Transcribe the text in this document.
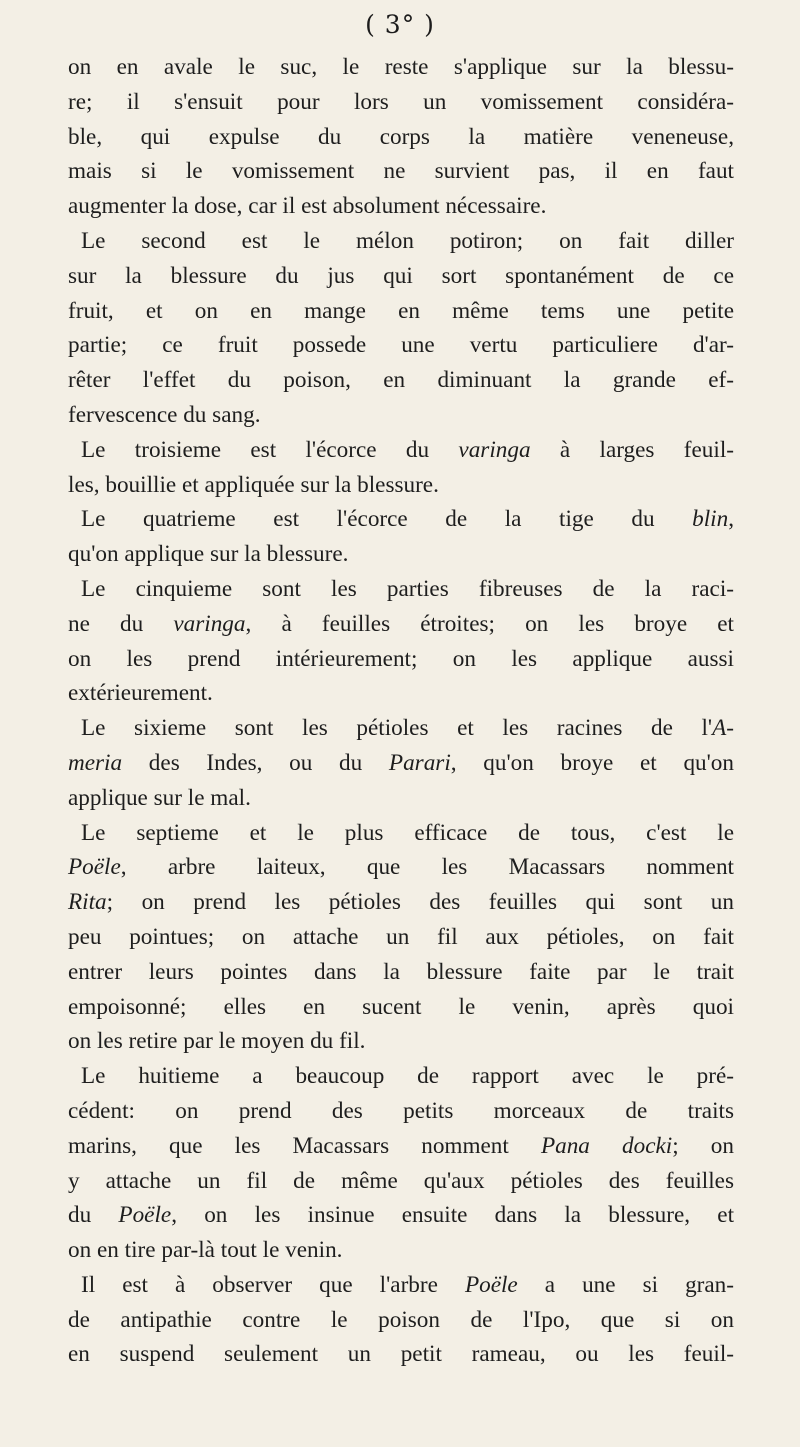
( 3° )

on en avale le suc, le reste s'applique sur la blessu-

re; il s'ensuit pour lors un vomissement considéra-

ble, qui expulse du corps la matière veneneuse,

mais si le vomissement ne survient pas, il en faut

augmenter la dose, car il est absolument nécessaire.

Le second est le mélon potiron; on fait diller

sur la blessure du jus qui sort spontanément de ce

fruit, et on en mange en même tems une petite

partie; ce fruit possede une vertu particuliere d'ar-

rêter l'effet du poison, en diminuant la grande ef-

fervescence du sang.

Le troisieme est l'écorce du varinga à larges feuil-

les, bouillie et appliquée sur la blessure.

Le quatrieme est l'écorce de la tige du blin,

qu'on applique sur la blessure.

Le cinquieme sont les parties fibreuses de la raci-

ne du varinga, à feuilles étroites; on les broye et

on les prend intérieurement; on les applique aussi

extérieurement.

Le sixieme sont les pétioles et les racines de l'A-

meria des Indes, ou du Parari, qu'on broye et qu'on

applique sur le mal.

Le septieme et le plus efficace de tous, c'est le

Poële, arbre laiteux, que les Macassars nomment

Rita; on prend les pétioles des feuilles qui sont un

peu pointues; on attache un fil aux pétioles, on fait

entrer leurs pointes dans la blessure faite par le trait

empoisonné; elles en sucent le venin, après quoi

on les retire par le moyen du fil.

Le huitieme a beaucoup de rapport avec le pré-

cédent: on prend des petits morceaux de traits

marins, que les Macassars nomment Pana docki; on

y attache un fil de même qu'aux pétioles des feuilles

du Poële, on les insinue ensuite dans la blessure, et

on en tire par-là tout le venin.

Il est à observer que l'arbre Poële a une si gran-

de antipathie contre le poison de l'Ipo, que si on

en suspend seulement un petit rameau, ou les feuil-
